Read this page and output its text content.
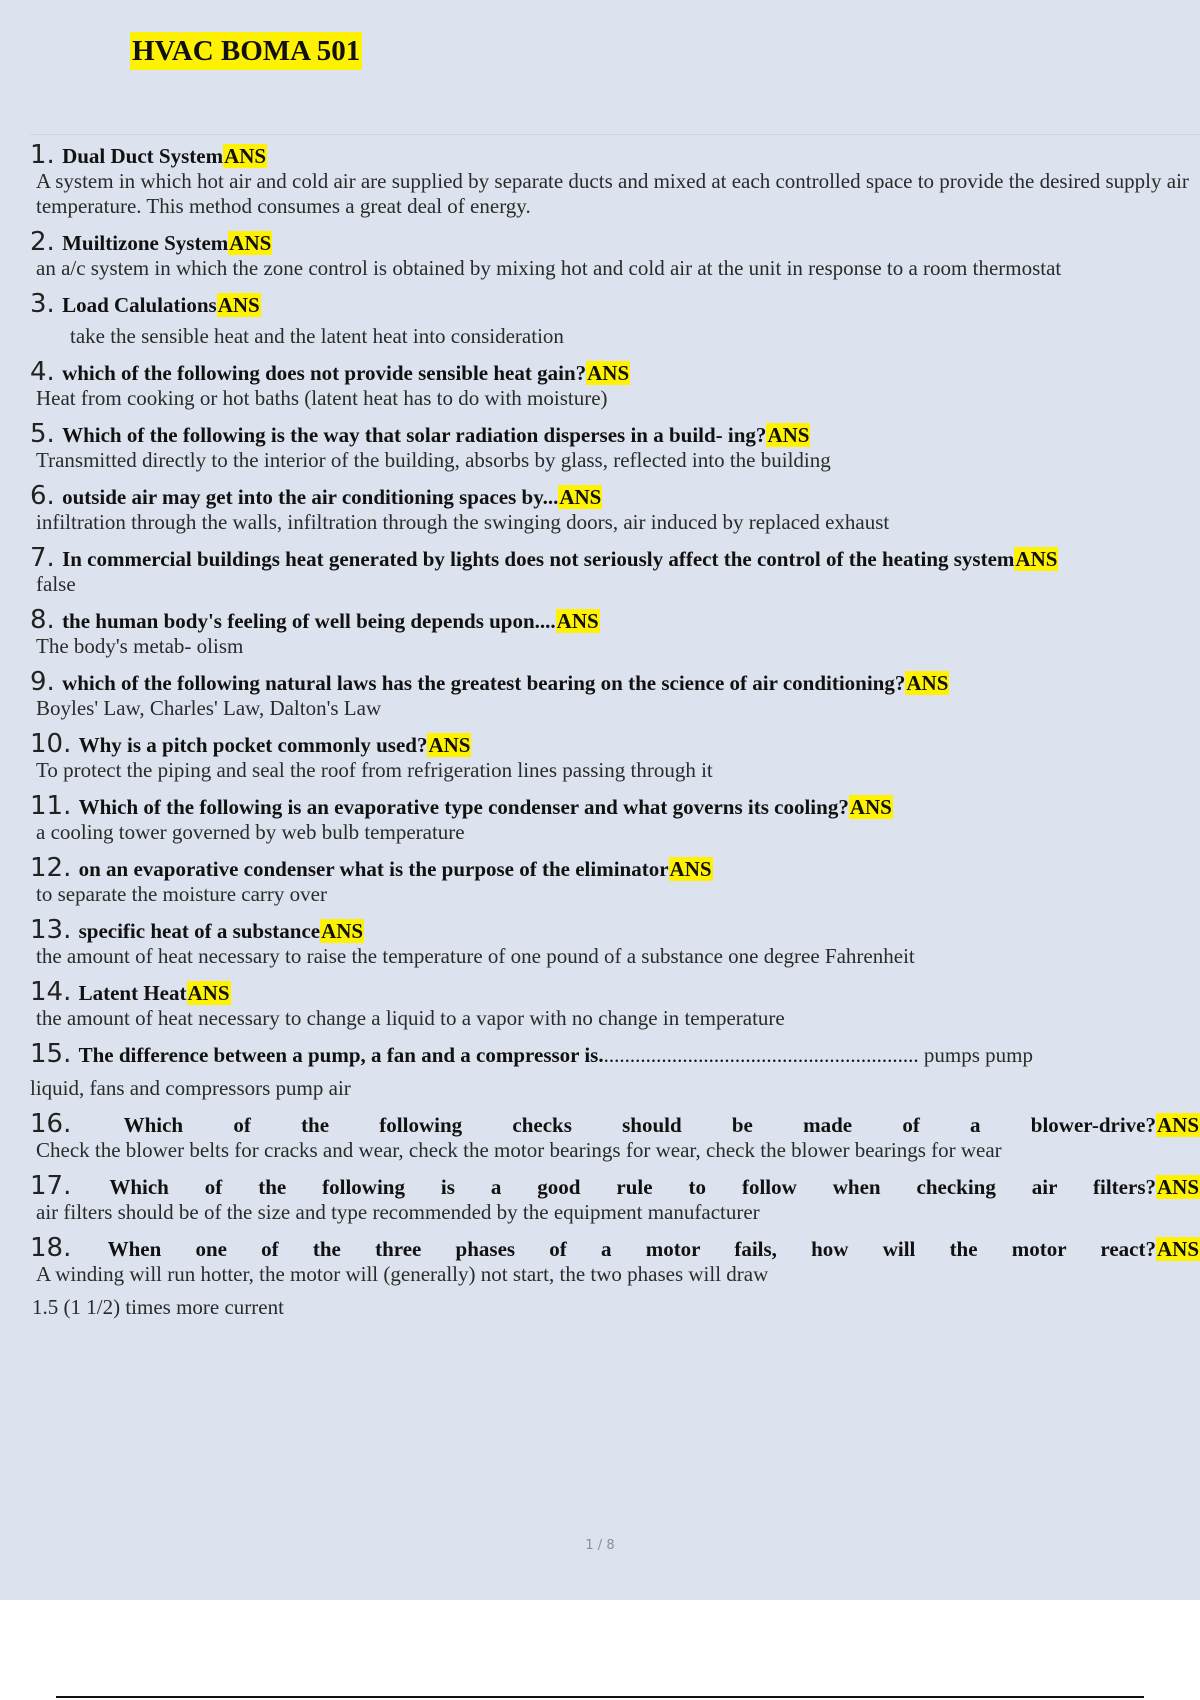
HVAC BOMA 501
1. Dual Duct SystemANS
A system in which hot air and cold air are supplied by separate ducts and mixed at each controlled space to provide the desired supply air temperature. This method consumes a great deal of energy.
2. Muiltizone SystemANS
an a/c system in which the zone control is obtained by mixing hot and cold air at the unit in response to a room thermostat
3. Load CalulationsANS
take the sensible heat and the latent heat into consideration
4. which of the following does not provide sensible heat gain?ANS
Heat from cooking or hot baths (latent heat has to do with moisture)
5. Which of the following is the way that solar radiation disperses in a build- ing?ANS
Transmitted directly to the interior of the building, absorbs by glass, reflected into the building
6. outside air may get into the air conditioning spaces by...ANS
infiltration through the walls, infiltration through the swinging doors, air induced by replaced exhaust
7. In commercial buildings heat generated by lights does not seriously affect the control of the heating systemANS
false
8. the human body's feeling of well being depends upon....ANS
The body's metab- olism
9. which of the following natural laws has the greatest bearing on the science of air conditioning?ANS
Boyles' Law, Charles' Law, Dalton's Law
10. Why is a pitch pocket commonly used?ANS
To protect the piping and seal the roof from refrigeration lines passing through it
11. Which of the following is an evaporative type condenser and what governs its cooling?ANS
a cooling tower governed by web bulb temperature
12. on an evaporative condenser what is the purpose of the eliminatorANS
to separate the moisture carry over
13. specific heat of a substanceANS
the amount of heat necessary to raise the temperature of one pound of a substance one degree Fahrenheit
14. Latent HeatANS
the amount of heat necessary to change a liquid to a vapor with no change in temperature
15. The difference between a pump, a fan and a compressor is............................................................. pumps pump
liquid, fans and compressors pump air
16. Which of the following checks should be made of a blower-drive?ANS
Check the blower belts for cracks and wear, check the motor bearings for wear, check the blower bearings for wear
17. Which of the following is a good rule to follow when checking air filters?ANS
air filters should be of the size and type recommended by the equipment manufacturer
18. When one of the three phases of a motor fails, how will the motor react?ANS
A winding will run hotter, the motor will (generally) not start, the two phases will draw
1.5 (1 1/2) times more current
1 / 8
